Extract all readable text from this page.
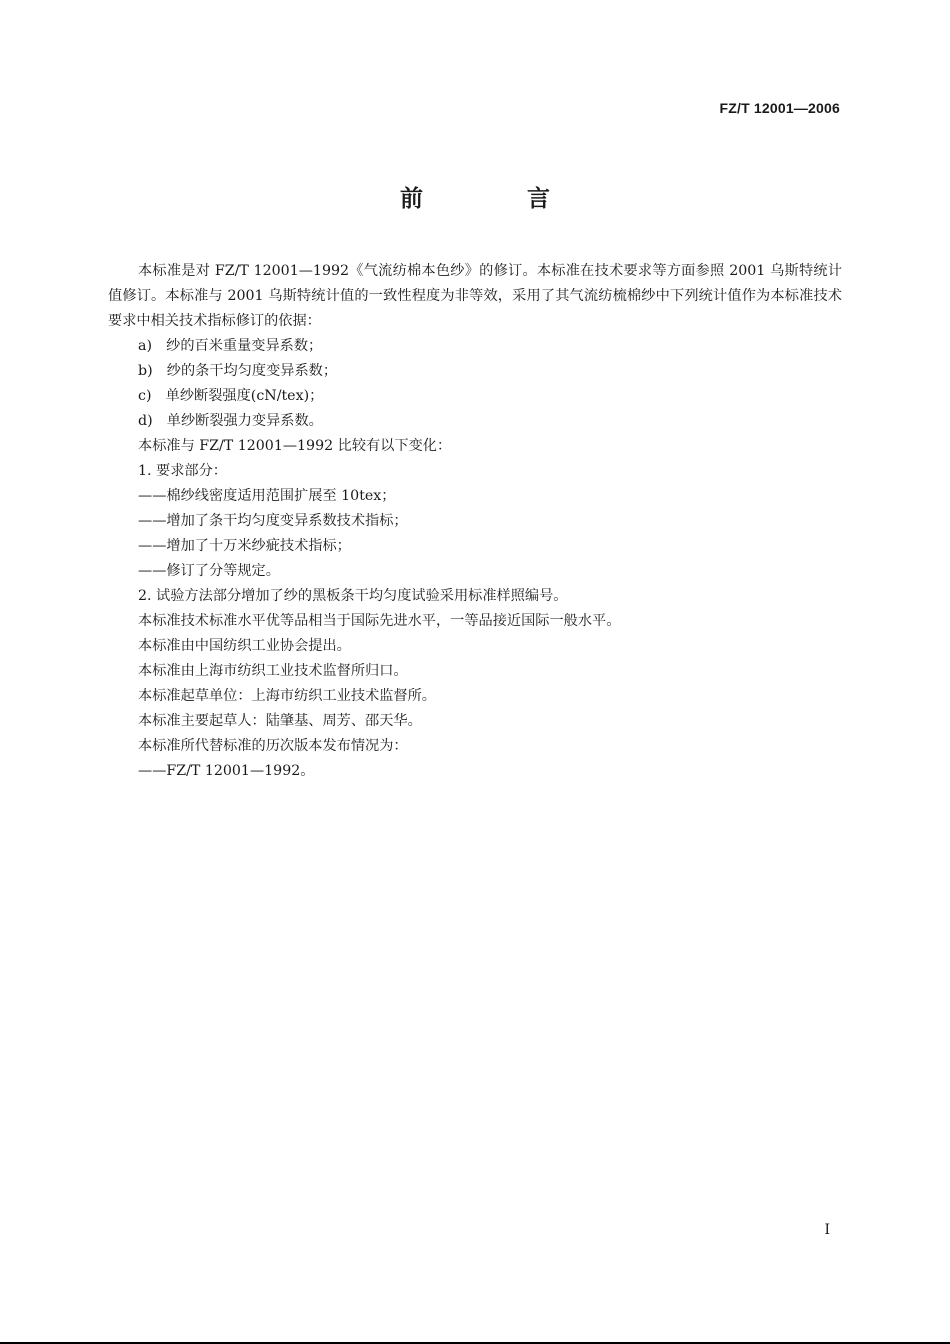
FZ/T 12001—2006
前 言

本标准是对 FZ/T 12001—1992《气流纺棉本色纱》的修订。本标准在技术要求等方面参照 2001 乌斯特统计值修订。本标准与 2001 乌斯特统计值的一致性程度为非等效，采用了其气流纺梳棉纱中下列统计值作为本标准技术要求中相关技术指标修订的依据：

a)　纱的百米重量变异系数；

b)　纱的条干均匀度变异系数；

c)　单纱断裂强度(cN/tex)；

d)　单纱断裂强力变异系数。

本标准与 FZ/T 12001—1992 比较有以下变化：

1. 要求部分：

——棉纱线密度适用范围扩展至 10tex；

——增加了条干均匀度变异系数技术指标；

——增加了十万米纱疵技术指标；

——修订了分等规定。

2. 试验方法部分增加了纱的黑板条干均匀度试验采用标准样照编号。

本标准技术标准水平优等品相当于国际先进水平，一等品接近国际一般水平。

本标准由中国纺织工业协会提出。

本标准由上海市纺织工业技术监督所归口。

本标准起草单位：上海市纺织工业技术监督所。

本标准主要起草人：陆肇基、周芳、邵天华。

本标准所代替标准的历次版本发布情况为：

——FZ/T 12001—1992。

I
